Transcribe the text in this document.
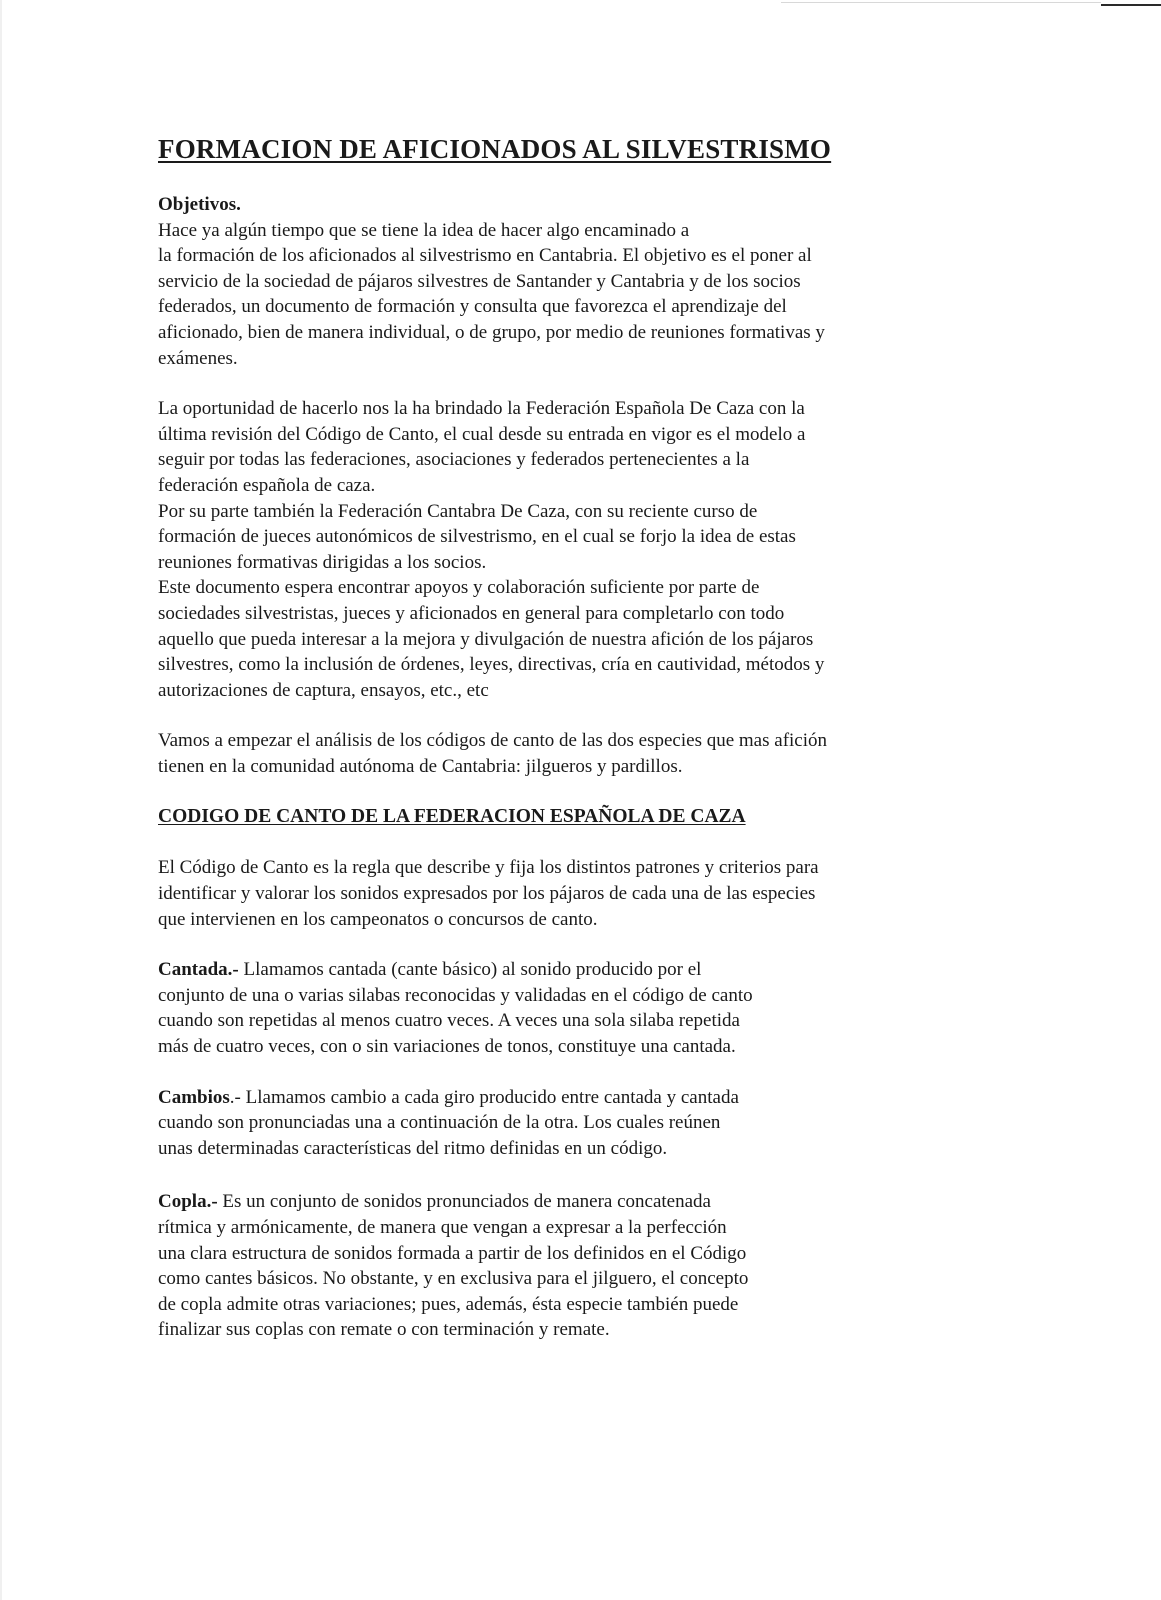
FORMACION DE AFICIONADOS AL SILVESTRISMO
Objetivos.
Hace ya algún tiempo que se tiene la idea de hacer algo encaminado a
la formación de los aficionados al silvestrismo en Cantabria. El objetivo es el poner al
servicio de la sociedad de pájaros silvestres de Santander y Cantabria y de los socios
federados, un documento de formación y consulta que favorezca el aprendizaje del
aficionado, bien de manera individual, o de grupo, por medio de reuniones formativas y
exámenes.
La oportunidad de hacerlo nos la ha brindado la Federación Española De Caza con la
última revisión del Código de Canto, el cual desde su entrada en vigor es el modelo a
seguir por todas las federaciones, asociaciones y federados pertenecientes a la
federación española de caza.
Por su parte también la Federación Cantabra De Caza, con su reciente curso de
formación de jueces autonómicos de silvestrismo, en el cual se forjo la idea de estas
reuniones formativas dirigidas a los socios.
Este documento espera encontrar apoyos y colaboración suficiente por parte de
sociedades silvestristas, jueces y aficionados en general para completarlo con todo
aquello que pueda interesar a la mejora y divulgación de nuestra afición de los pájaros
silvestres, como la inclusión de órdenes, leyes, directivas, cría en cautividad, métodos y
autorizaciones de captura, ensayos, etc., etc
Vamos a empezar el análisis de los códigos de canto de las dos especies que mas afición
tienen en la comunidad autónoma de Cantabria: jilgueros y pardillos.
CODIGO DE CANTO DE LA FEDERACION ESPAÑOLA DE CAZA
El Código de Canto es la regla que describe y fija los distintos patrones y criterios para
identificar y valorar los sonidos expresados por los pájaros de cada una de las especies
que intervienen en los campeonatos o concursos de canto.
Cantada.- Llamamos cantada (cante básico) al sonido producido por el
conjunto de una o varias silabas reconocidas y validadas en el código de canto
cuando son repetidas al menos cuatro veces. A veces una sola silaba repetida
más de cuatro veces, con o sin variaciones de tonos, constituye una cantada.
Cambios.- Llamamos cambio a cada giro producido entre cantada y cantada
cuando son pronunciadas una a continuación de la otra. Los cuales reúnen
unas determinadas características del ritmo definidas en un código.
Copla.- Es un conjunto de sonidos pronunciados de manera concatenada
rítmica y armónicamente, de manera que vengan a expresar a la perfección
una clara estructura de sonidos formada a partir de los definidos en el Código
como cantes básicos. No obstante, y en exclusiva para el jilguero, el concepto
de copla admite otras variaciones; pues, además, ésta especie también puede
finalizar sus coplas con remate o con terminación y remate.
